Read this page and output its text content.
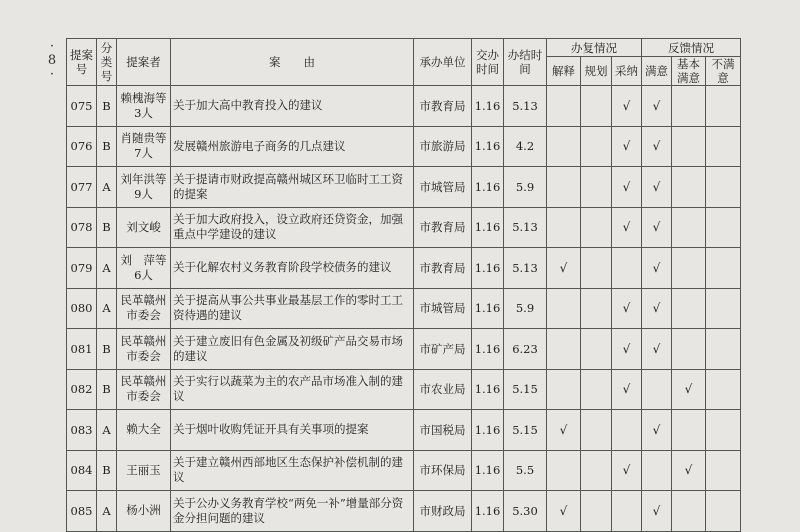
·
8
·
提案号	分类号	提案者	案　　由	承办单位	交办时间	办结时间	办复情况			反馈情况		
							解释	规划	采纳	满意	基本满意	不满意
075	B	赖槐海等3人	关于加大高中教育投入的建议	市教育局	1.16	5.13			√	√		
076	B	肖随贵等7人	发展赣州旅游电子商务的几点建议	市旅游局	1.16	4.2			√	√		
077	A	刘年洪等9人	关于提请市财政提高赣州城区环卫临时工工资的提案	市城管局	1.16	5.9			√	√		
078	B	刘文峻	关于加大政府投入，设立政府还贷资金，加强重点中学建设的建议	市教育局	1.16	5.13			√	√		
079	A	刘　萍等6人	关于化解农村义务教育阶段学校债务的建议	市教育局	1.16	5.13	√			√		
080	A	民革赣州市委会	关于提高从事公共事业最基层工作的零时工工资待遇的建议	市城管局	1.16	5.9			√	√		
081	B	民革赣州市委会	关于建立废旧有色金属及初级矿产品交易市场的建议	市矿产局	1.16	6.23			√	√		
082	B	民革赣州市委会	关于实行以蔬菜为主的农产品市场准入制的建议	市农业局	1.16	5.15			√		√	
083	A	赖大全	关于烟叶收购凭证开具有关事项的提案	市国税局	1.16	5.15	√			√		
084	B	王丽玉	关于建立赣州西部地区生态保护补偿机制的建议	市环保局	1.16	5.5			√		√	
085	A	杨小洲	关于公办义务教育学校“两免一补”增量部分资金分担问题的建议	市财政局	1.16	5.30	√			√		
